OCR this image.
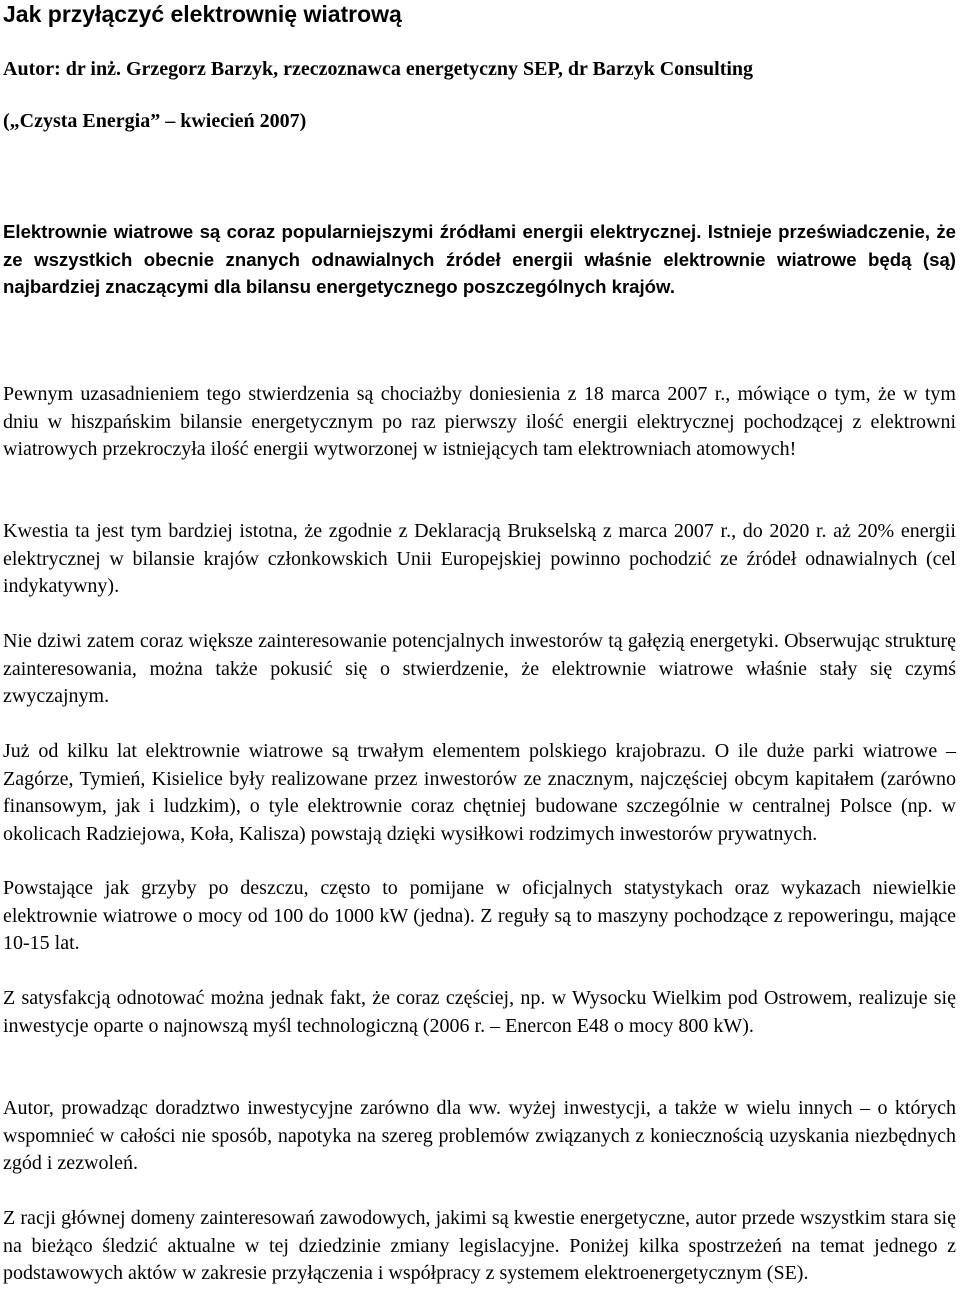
Jak przyłączyć elektrownię wiatrową

Autor: dr inż. Grzegorz Barzyk, rzeczoznawca energetyczny SEP, dr Barzyk Consulting

(„Czysta Energia” – kwiecień 2007)

Elektrownie wiatrowe są coraz popularniejszymi źródłami energii elektrycznej. Istnieje przeświadczenie, że ze wszystkich obecnie znanych odnawialnych źródeł energii właśnie elektrownie wiatrowe będą (są) najbardziej znaczącymi dla bilansu energetycznego poszczególnych krajów.

Pewnym uzasadnieniem tego stwierdzenia są chociażby doniesienia z 18 marca 2007 r., mówiące o tym, że w tym dniu w hiszpańskim bilansie energetycznym po raz pierwszy ilość energii elektrycznej pochodzącej z elektrowni wiatrowych przekroczyła ilość energii wytworzonej w istniejących tam elektrowniach atomowych!

Kwestia ta jest tym bardziej istotna, że zgodnie z Deklaracją Brukselską z marca 2007 r., do 2020 r. aż 20% energii elektrycznej w bilansie krajów członkowskich Unii Europejskiej powinno pochodzić ze źródeł odnawialnych (cel indykatywny).

Nie dziwi zatem coraz większe zainteresowanie potencjalnych inwestorów tą gałęzią energetyki. Obserwując strukturę zainteresowania, można także pokusić się o stwierdzenie, że elektrownie wiatrowe właśnie stały się czymś zwyczajnym.

Już od kilku lat elektrownie wiatrowe są trwałym elementem polskiego krajobrazu. O ile duże parki wiatrowe – Zagórze, Tymień, Kisielice były realizowane przez inwestorów ze znacznym, najczęściej obcym kapitałem (zarówno finansowym, jak i ludzkim), o tyle elektrownie coraz chętniej budowane szczególnie w centralnej Polsce (np. w okolicach Radziejowa, Koła, Kalisza) powstają dzięki wysiłkowi rodzimych inwestorów prywatnych.

Powstające jak grzyby po deszczu, często to pomijane w oficjalnych statystykach oraz wykazach niewielkie elektrownie wiatrowe o mocy od 100 do 1000 kW (jedna). Z reguły są to maszyny pochodzące z repoweringu, mające 10-15 lat.

Z satysfakcją odnotować można jednak fakt, że coraz częściej, np. w Wysocku Wielkim pod Ostrowem, realizuje się inwestycje oparte o najnowszą myśl technologiczną (2006 r. – Enercon E48 o mocy 800 kW).

Autor, prowadząc doradztwo inwestycyjne zarówno dla ww. wyżej inwestycji, a także w wielu innych – o których wspomnieć w całości nie sposób, napotyka na szereg problemów związanych z koniecznością uzyskania niezbędnych zgód i zezwoleń.

Z racji głównej domeny zainteresowań zawodowych, jakimi są kwestie energetyczne, autor przede wszystkim stara się na bieżąco śledzić aktualne w tej dziedzinie zmiany legislacyjne. Poniżej kilka spostrzeżeń na temat jednego z podstawowych aktów w zakresie przyłączenia i współpracy z systemem elektroenergetycznym (SE).
